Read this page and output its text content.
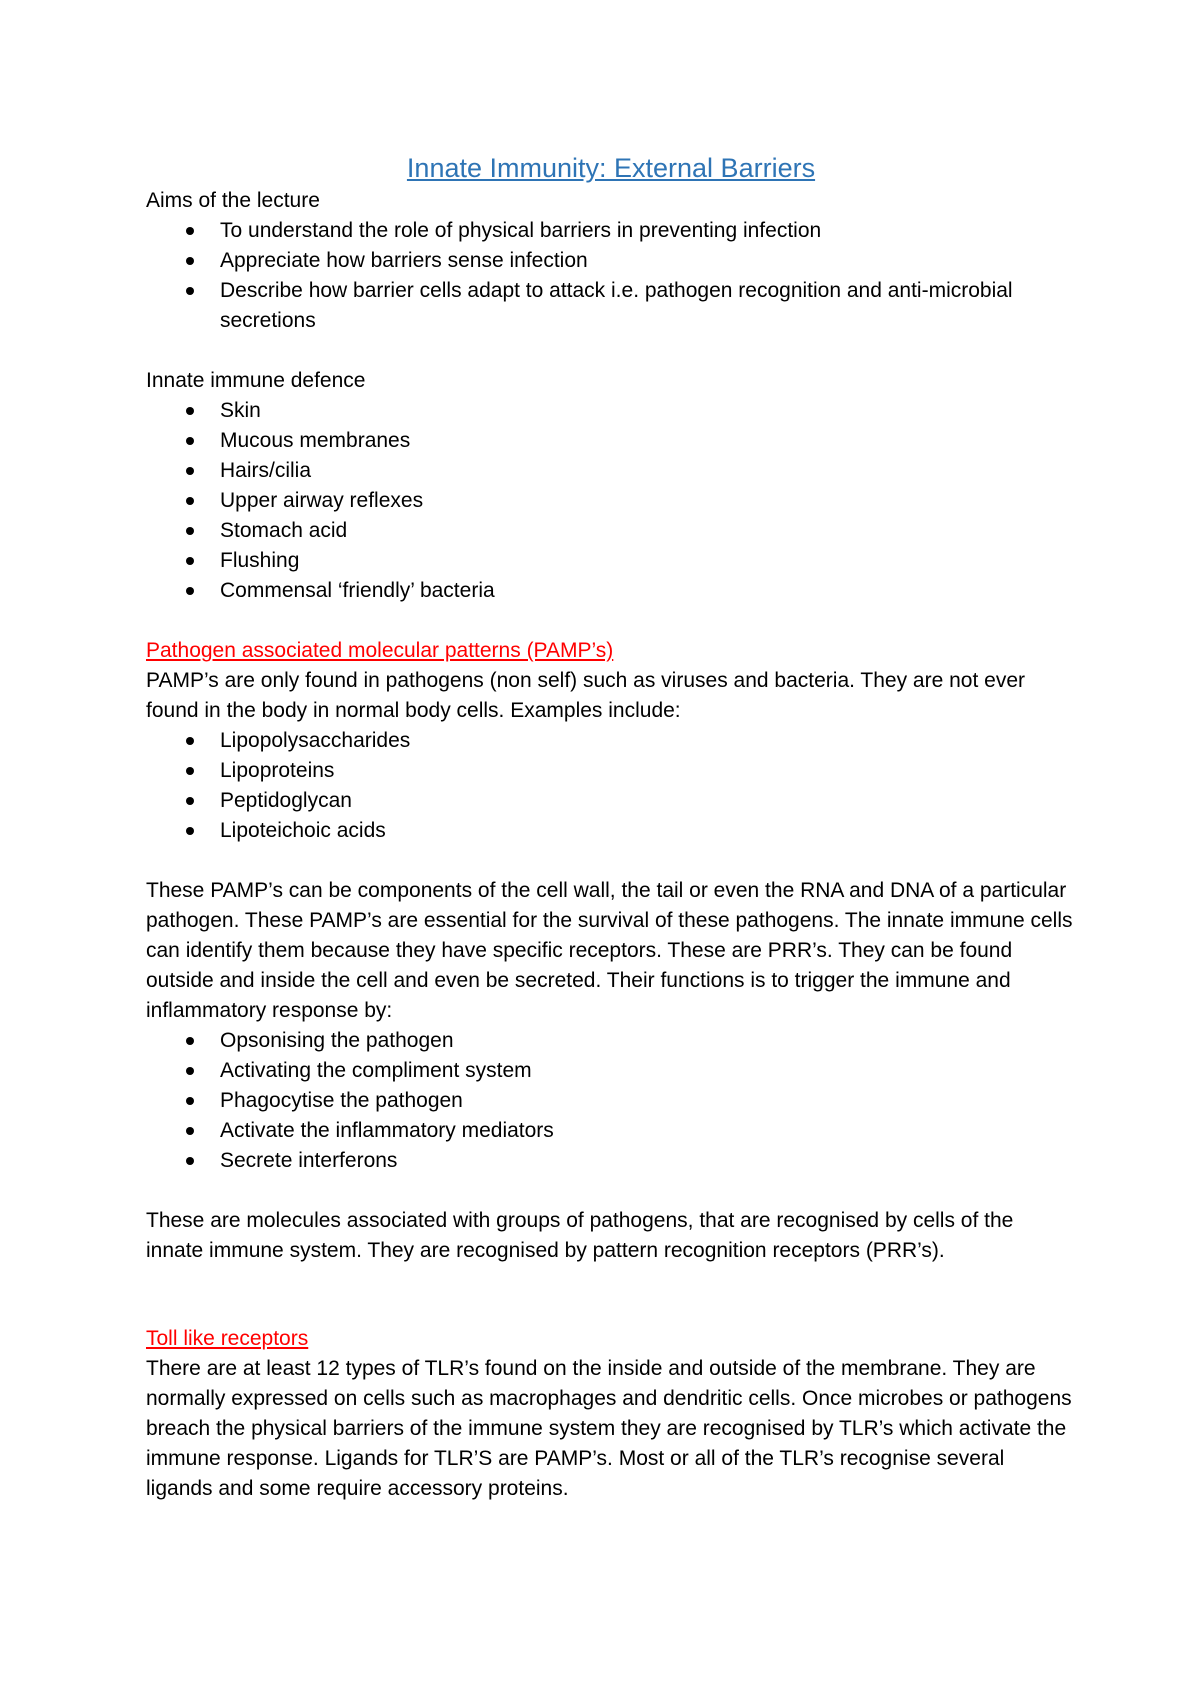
Innate Immunity: External Barriers

Aims of the lecture

To understand the role of physical barriers in preventing infection
Appreciate how barriers sense infection
Describe how barrier cells adapt to attack i.e. pathogen recognition and anti-microbial secretions

Innate immune defence

Skin
Mucous membranes
Hairs/cilia
Upper airway reflexes
Stomach acid
Flushing
Commensal ‘friendly’ bacteria

Pathogen associated molecular patterns (PAMP’s)

PAMP’s are only found in pathogens (non self) such as viruses and bacteria. They are not ever found in the body in normal body cells. Examples include:

Lipopolysaccharides
Lipoproteins
Peptidoglycan
Lipoteichoic acids

These PAMP’s can be components of the cell wall, the tail or even the RNA and DNA of a particular pathogen. These PAMP’s are essential for the survival of these pathogens. The innate immune cells can identify them because they have specific receptors. These are PRR’s. They can be found outside and inside the cell and even be secreted. Their functions is to trigger the immune and inflammatory response by:

Opsonising the pathogen
Activating the compliment system
Phagocytise the pathogen
Activate the inflammatory mediators
Secrete interferons

These are molecules associated with groups of pathogens, that are recognised by cells of the innate immune system. They are recognised by pattern recognition receptors (PRR’s).

Toll like receptors

There are at least 12 types of TLR’s found on the inside and outside of the membrane. They are normally expressed on cells such as macrophages and dendritic cells. Once microbes or pathogens breach the physical barriers of the immune system they are recognised by TLR’s which activate the immune response. Ligands for TLR’S are PAMP’s. Most or all of the TLR’s recognise several ligands and some require accessory proteins.
